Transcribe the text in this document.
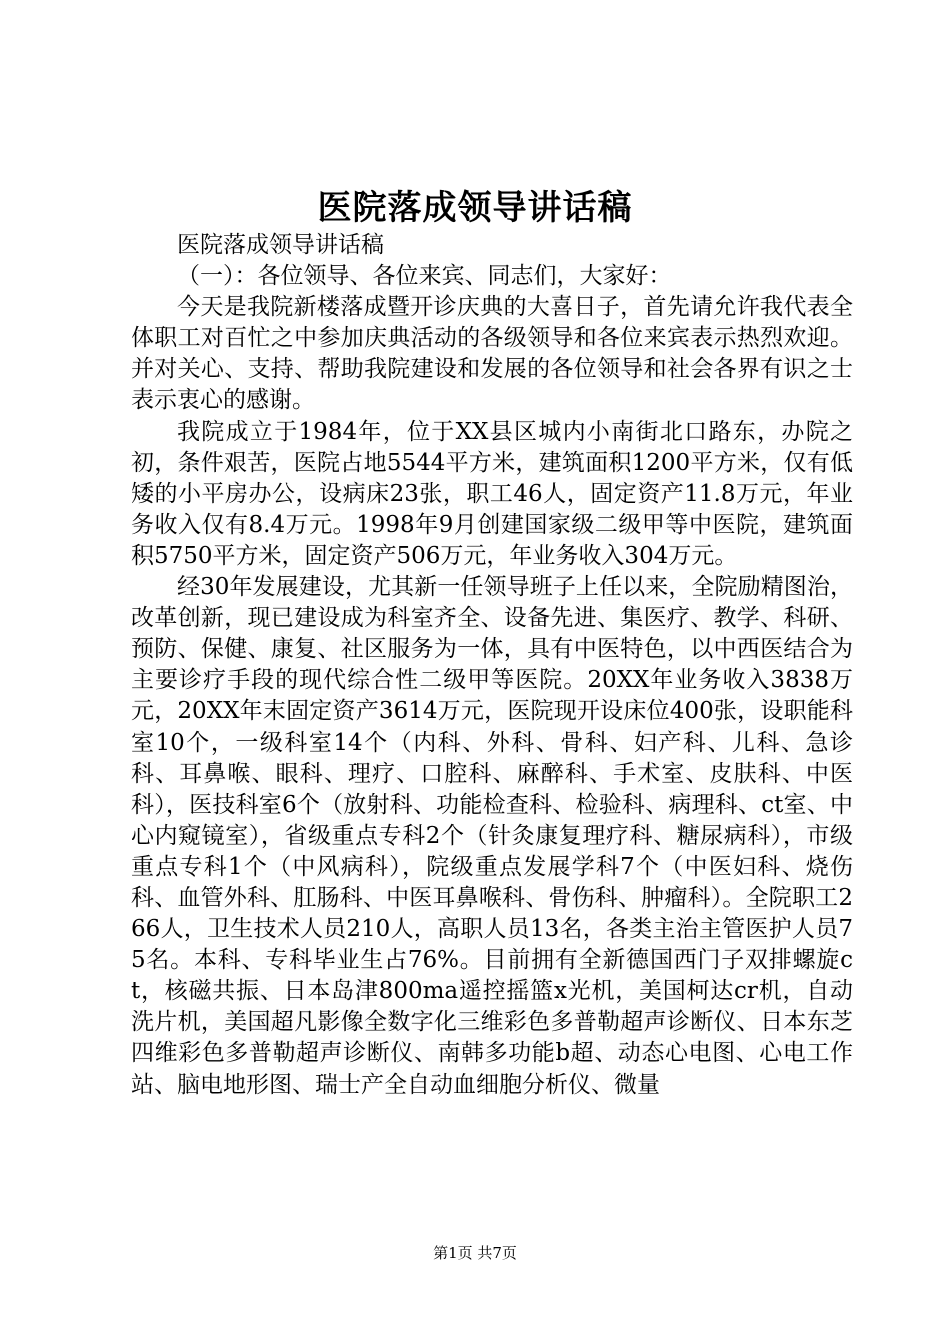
医院落成领导讲话稿

医院落成领导讲话稿

（一）：各位领导、各位来宾、同志们，大家好：

今天是我院新楼落成暨开诊庆典的大喜日子，首先请允许我代表全体职工对百忙之中参加庆典活动的各级领导和各位来宾表示热烈欢迎。并对关心、支持、帮助我院建设和发展的各位领导和社会各界有识之士表示衷心的感谢。

我院成立于1984年，位于XX县区城内小南街北口路东，办院之初，条件艰苦，医院占地5544平方米，建筑面积1200平方米，仅有低矮的小平房办公，设病床23张，职工46人，固定资产11.8万元，年业务收入仅有8.4万元。1998年9月创建国家级二级甲等中医院，建筑面积5750平方米，固定资产506万元，年业务收入304万元。

经30年发展建设，尤其新一任领导班子上任以来，全院励精图治，改革创新，现已建设成为科室齐全、设备先进、集医疗、教学、科研、预防、保健、康复、社区服务为一体，具有中医特色，以中西医结合为主要诊疗手段的现代综合性二级甲等医院。20XX年业务收入3838万元，20XX年末固定资产3614万元，医院现开设床位400张，设职能科室10个，一级科室14个（内科、外科、骨科、妇产科、儿科、急诊科、耳鼻喉、眼科、理疗、口腔科、麻醉科、手术室、皮肤科、中医科），医技科室6个（放射科、功能检查科、检验科、病理科、ct室、中心内窥镜室），省级重点专科2个（针灸康复理疗科、糖尿病科），市级重点专科1个（中风病科），院级重点发展学科7个（中医妇科、烧伤科、血管外科、肛肠科、中医耳鼻喉科、骨伤科、肿瘤科）。全院职工266人，卫生技术人员210人，高职人员13名，各类主治主管医护人员75名。本科、专科毕业生占76%。目前拥有全新德国西门子双排螺旋ct，核磁共振、日本岛津800ma遥控摇篮x光机，美国柯达cr机，自动洗片机，美国超凡影像全数字化三维彩色多普勒超声诊断仪、日本东芝四维彩色多普勒超声诊断仪、南韩多功能b超、动态心电图、心电工作站、脑电地形图、瑞士产全自动血细胞分析仪、微量

第1页 共7页
